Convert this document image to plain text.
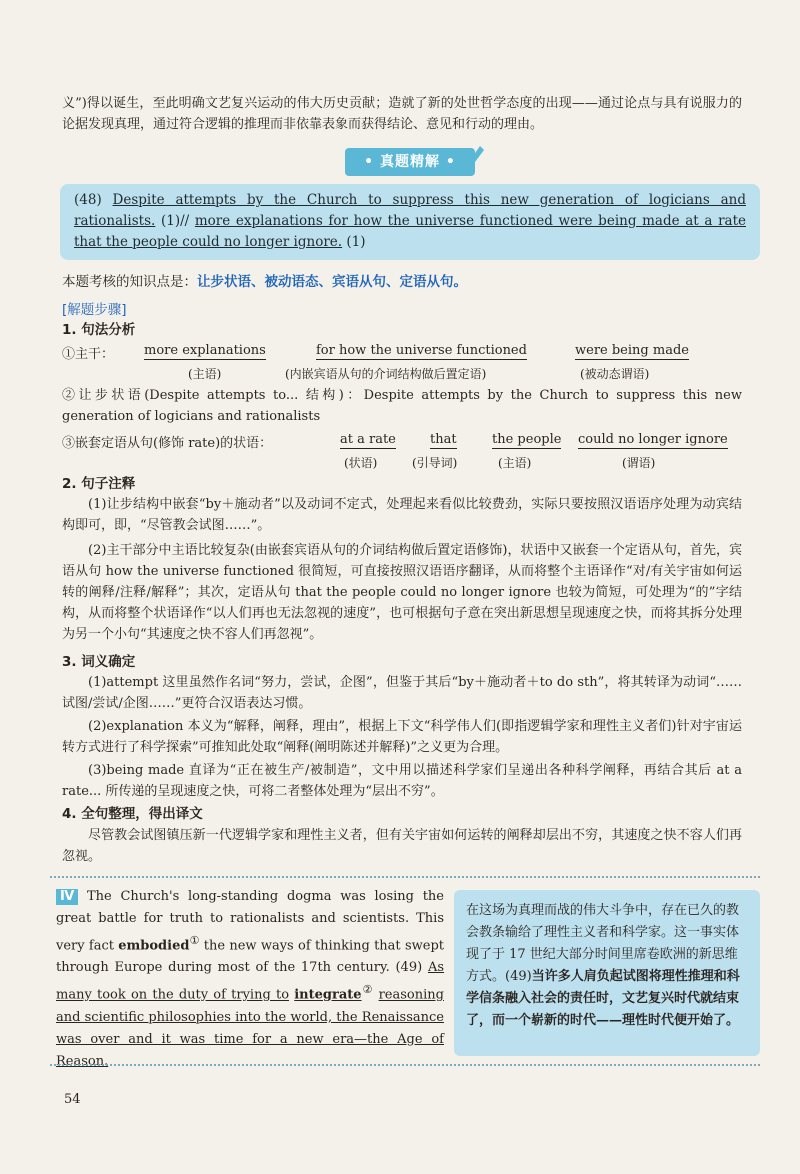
义”)得以诞生，至此明确文艺复兴运动的伟大历史贡献；造就了新的处世哲学态度的出现——通过论点与具有说服力的论据发现真理，通过符合逻辑的推理而非依靠表象而获得结论、意见和行动的理由。

• 真题精解 •
(48) Despite attempts by the Church to suppress this new generation of logicians and rationalists. (1)// more explanations for how the universe functioned were being made at a rate that the people could no longer ignore. (1)
本题考核的知识点是：让步状语、被动语态、宾语从句、定语从句。
[解题步骤]
1. 句法分析
①主干： more explanations
(主语)
for how the universe functioned
(内嵌宾语从句的介词结构做后置定语)
were being made
(被动态谓语)

②让步状语(Despite attempts to... 结构)：Despite attempts by the Church to suppress this new generation of logicians and rationalists

③嵌套定语从句(修饰 rate)的状语：	at a rate
(状语)
that
(引导词)
the people
(主语)
could no longer ignore
(谓语)
2. 句子注释

(1)让步结构中嵌套“by＋施动者”以及动词不定式，处理起来看似比较费劲，实际只要按照汉语语序处理为动宾结构即可，即，“尽管教会试图……”。

(2)主干部分中主语比较复杂(由嵌套宾语从句的介词结构做后置定语修饰)，状语中又嵌套一个定语从句，首先，宾语从句 how the universe functioned 很简短，可直接按照汉语语序翻译，从而将整个主语译作“对/有关宇宙如何运转的阐释/注释/解释”；其次，定语从句 that the people could no longer ignore 也较为简短，可处理为“的”字结构，从而将整个状语译作“以人们再也无法忽视的速度”，也可根据句子意在突出新思想呈现速度之快，而将其拆分处理为另一个小句“其速度之快不容人们再忽视”。

3. 词义确定

(1)attempt 这里虽然作名词“努力，尝试，企图”，但鉴于其后“by＋施动者＋to do sth”，将其转译为动词“……试图/尝试/企图……”更符合汉语表达习惯。

(2)explanation 本义为“解释，阐释，理由”，根据上下文“科学伟人们(即指逻辑学家和理性主义者们)针对宇宙运转方式进行了科学探索”可推知此处取“阐释(阐明陈述并解释)”之义更为合理。

(3)being made 直译为“正在被生产/被制造”，文中用以描述科学家们呈递出各种科学阐释，再结合其后 at a rate... 所传递的呈现速度之快，可将二者整体处理为“层出不穷”。

4. 全句整理，得出译文

尽管教会试图镇压新一代逻辑学家和理性主义者，但有关宇宙如何运转的阐释却层出不穷，其速度之快不容人们再忽视。

Ⅳ The Church's long-standing dogma was losing the great battle for truth to rationalists and scientists. This very fact embodied① the new ways of thinking that swept through Europe during most of the 17th century. (49) As many took on the duty of trying to integrate② reasoning and scientific philosophies into the world, the Renaissance was over and it was time for a new era—the Age of Reason.
在这场为真理而战的伟大斗争中，存在已久的教会教条输给了理性主义者和科学家。这一事实体现了于 17 世纪大部分时间里席卷欧洲的新思维方式。(49)当许多人肩负起试图将理性推理和科学信条融入社会的责任时，文艺复兴时代就结束了，而一个崭新的时代——理性时代便开始了。
54
